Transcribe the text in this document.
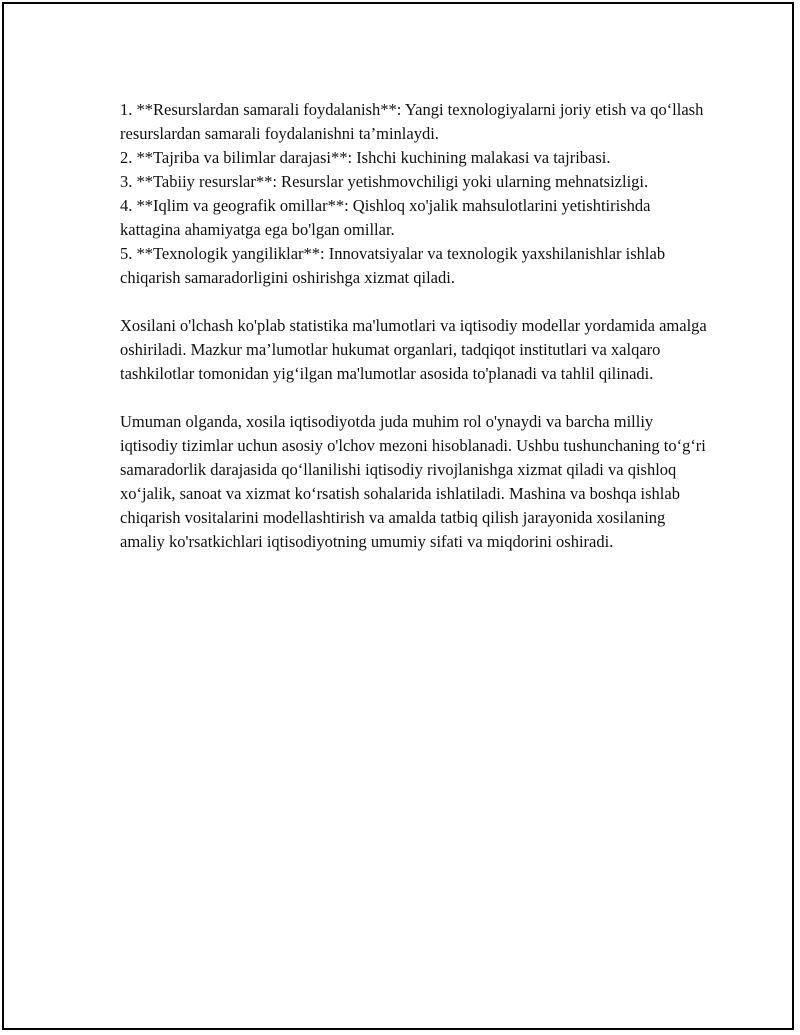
1. **Resurslardan samarali foydalanish**: Yangi texnologiyalarni joriy etish va qo‘llash resurslardan samarali foydalanishni ta’minlaydi.

2. **Tajriba va bilimlar darajasi**: Ishchi kuchining malakasi va tajribasi.

3. **Tabiiy resurslar**: Resurslar yetishmovchiligi yoki ularning mehnatsizligi.

4. **Iqlim va geografik omillar**: Qishloq xo'jalik mahsulotlarini yetishtirishda kattagina ahamiyatga ega bo'lgan omillar.

5. **Texnologik yangiliklar**: Innovatsiyalar va texnologik yaxshilanishlar ishlab chiqarish samaradorligini oshirishga xizmat qiladi.

Xosilani o'lchash ko'plab statistika ma'lumotlari va iqtisodiy modellar yordamida amalga oshiriladi. Mazkur ma’lumotlar hukumat organlari, tadqiqot institutlari va xalqaro tashkilotlar tomonidan yig‘ilgan ma'lumotlar asosida to'planadi va tahlil qilinadi.

Umuman olganda, xosila iqtisodiyotda juda muhim rol o'ynaydi va barcha milliy iqtisodiy tizimlar uchun asosiy o'lchov mezoni hisoblanadi. Ushbu tushunchaning to‘g‘ri samaradorlik darajasida qo‘llanilishi iqtisodiy rivojlanishga xizmat qiladi va qishloq xo‘jalik, sanoat va xizmat ko‘rsatish sohalarida ishlatiladi. Mashina va boshqa ishlab chiqarish vositalarini modellashtirish va amalda tatbiq qilish jarayonida xosilaning amaliy ko'rsatkichlari iqtisodiyotning umumiy sifati va miqdorini oshiradi.
